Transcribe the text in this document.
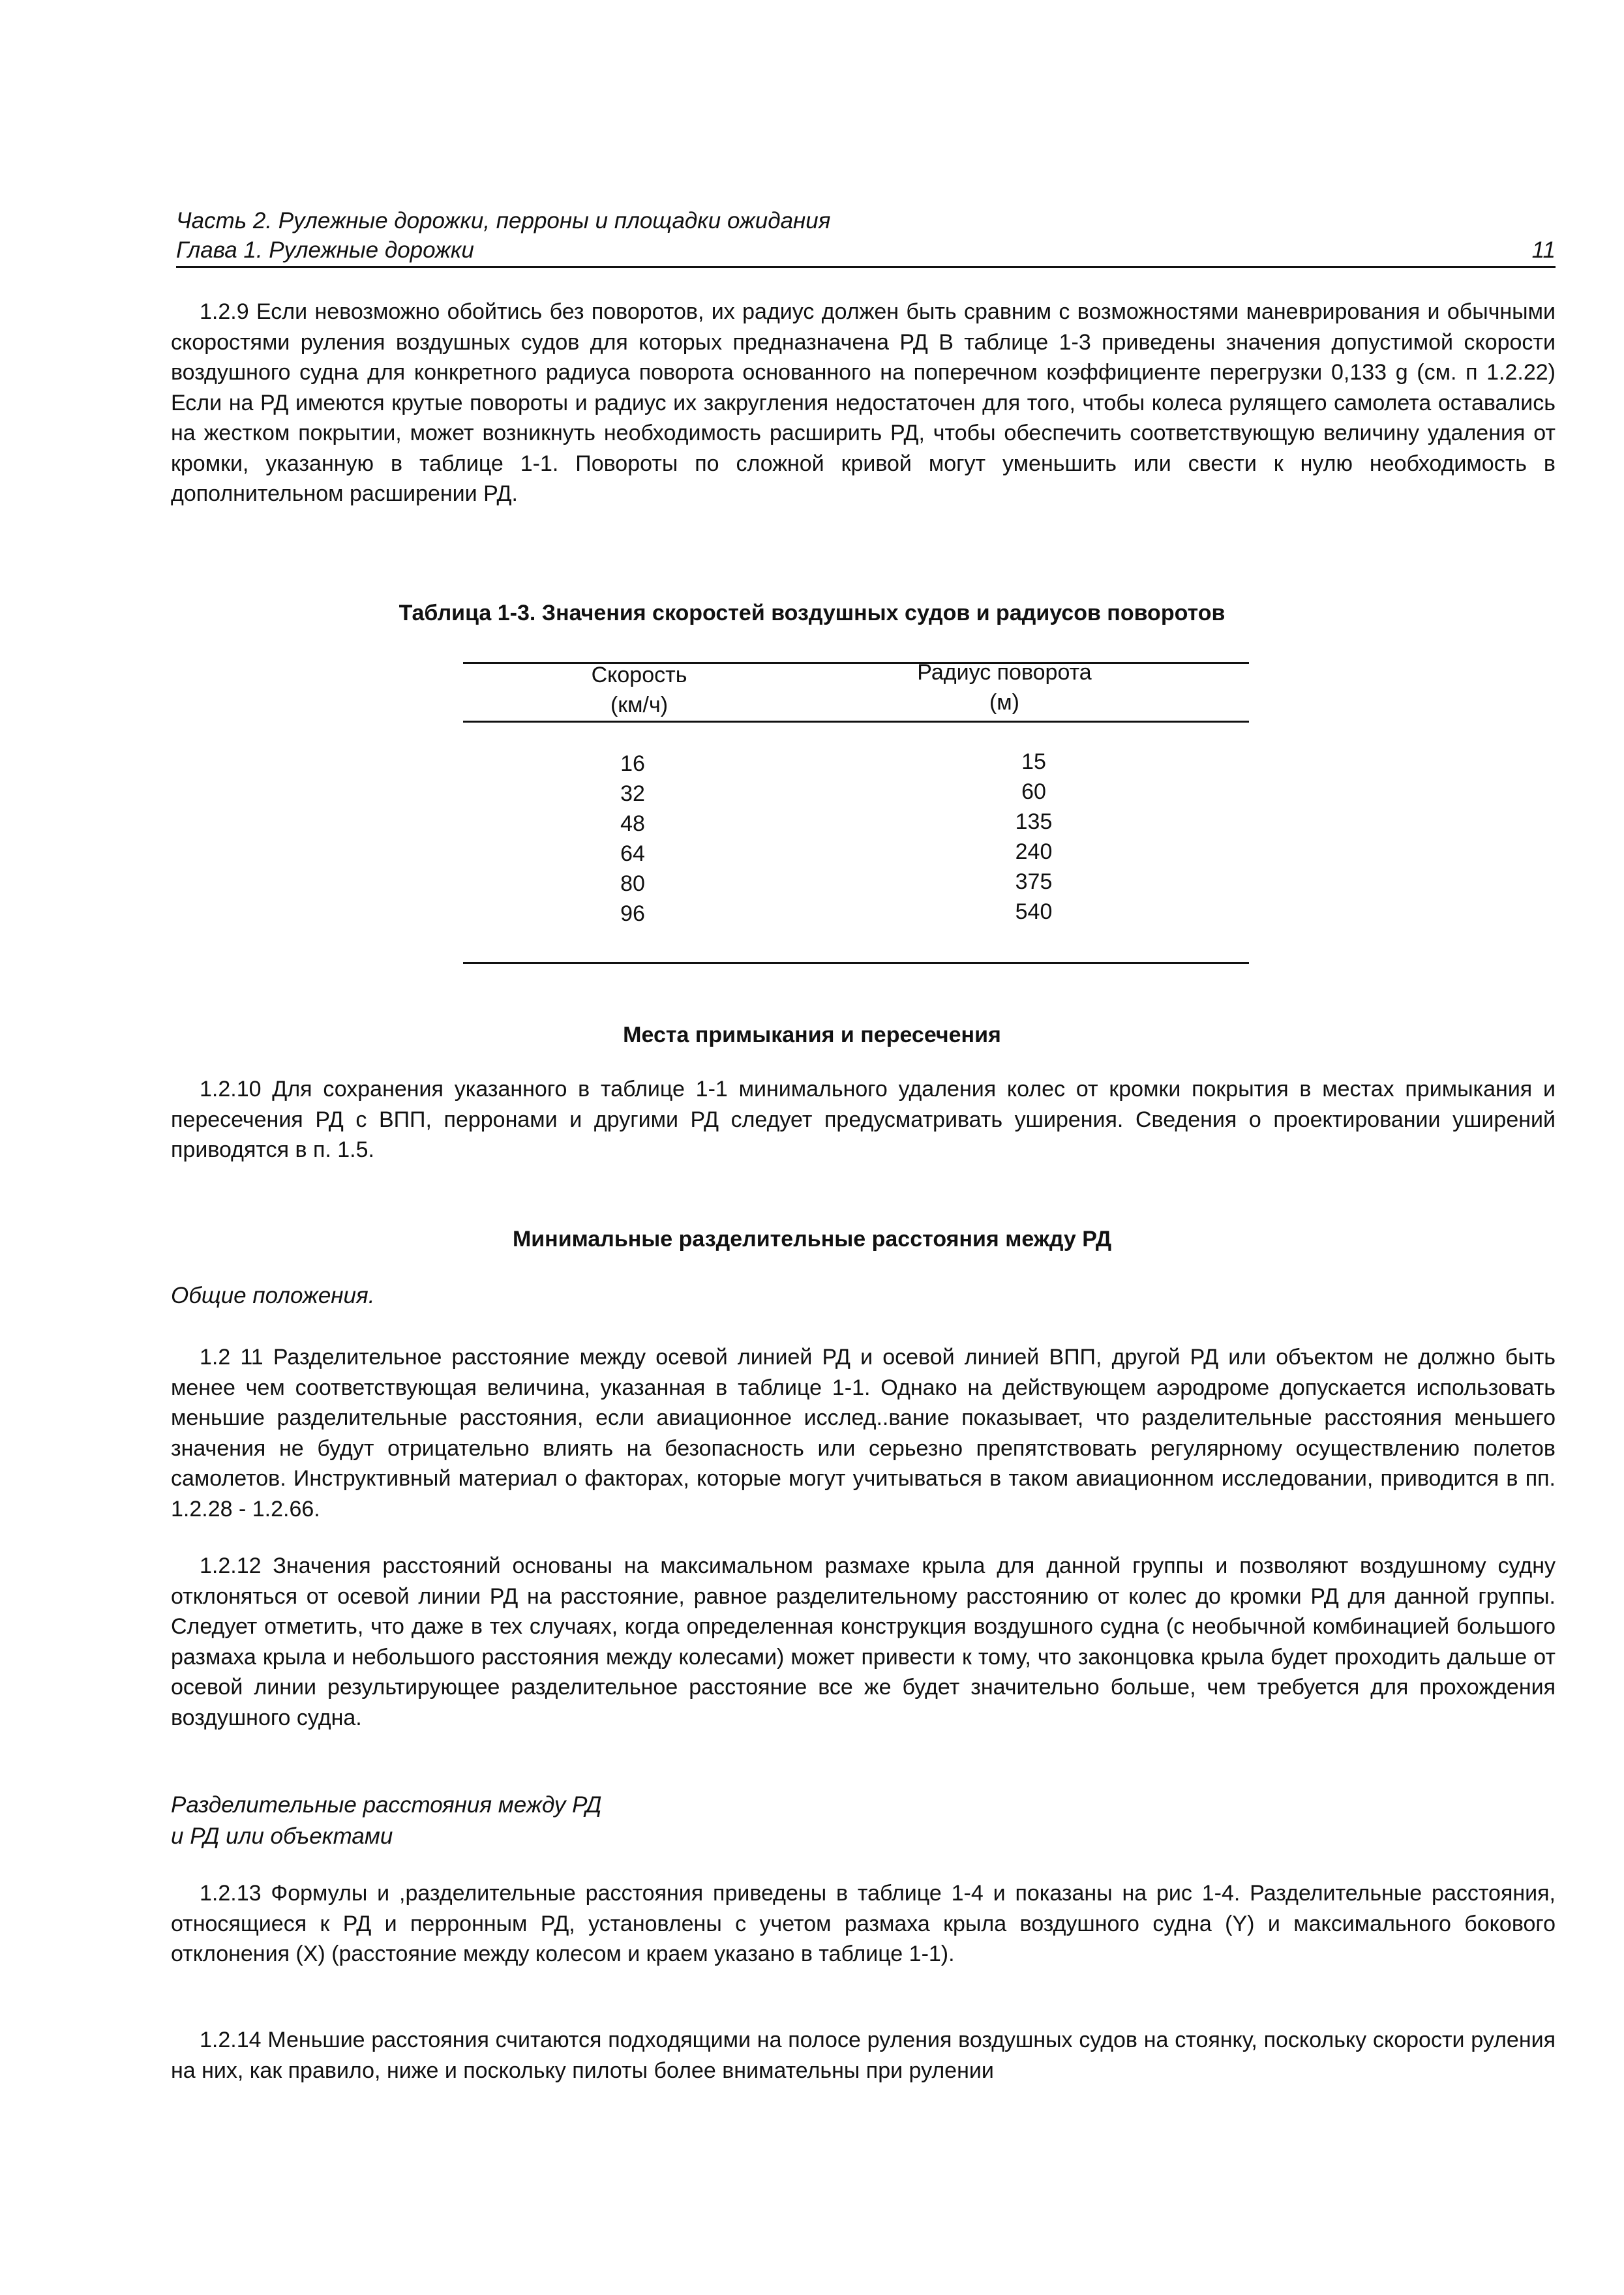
Часть 2. Рулежные дорожки, перроны и площадки ожидания
Глава 1. Рулежные дорожки	11

1.2.9 Если невозможно обойтись без поворотов, их радиус должен быть сравним с возможностями маневрирования и обычными скоростями руления воздушных судов для которых предназначена РД В таблице 1-3 приведены значения допустимой скорости воздушного судна для конкретного радиуса поворота основанного на поперечном коэффициенте перегрузки 0,133 g (см. п 1.2.22) Если на РД имеются крутые повороты и радиус их закругления недостаточен для того, чтобы колеса рулящего самолета оставались на жестком покрытии, может возникнуть необходимость расширить РД, чтобы обеспечить соответствующую величину удаления от кромки, указанную в таблице 1-1. Повороты по сложной кривой могут уменьшить или свести к нулю необходимость в дополнительном расширении РД.

Таблица 1-3. Значения скоростей воздушных судов и радиусов поворотов
Скорость
(км/ч)
Радиус поворота
(м)
16	15
32	60
48	135
64	240
80	375
96	540
Места примыкания и пересечения

1.2.10 Для сохранения указанного в таблице 1-1 минимального удаления колес от кромки покрытия в местах примыкания и пересечения РД с ВПП, перронами и другими РД следует предусматривать уширения. Сведения о проектировании уширений приводятся в п. 1.5.

Минимальные разделительные расстояния между РД
Общие положения.

1.2 11 Разделительное расстояние между осевой линией РД и осевой линией ВПП, другой РД или объектом не должно быть менее чем соответствующая величина, указанная в таблице 1-1. Однако на действующем аэродроме допускается использовать меньшие разделительные расстояния, если авиационное исслед..вание показывает, что разделительные расстояния меньшего значения не будут отрицательно влиять на безопасность или серьезно препятствовать регулярному осуществлению полетов самолетов. Инструктивный материал о факторах, которые могут учитываться в таком авиационном исследовании, приводится в пп. 1.2.28 - 1.2.66.

1.2.12 Значения расстояний основаны на максимальном размахе крыла для данной группы и позволяют воздушному судну отклоняться от осевой линии РД на расстояние, равное разделительному расстоянию от колес до кромки РД для данной группы. Следует отметить, что даже в тех случаях, когда определенная конструкция воздушного судна (с необычной комбинацией большого размаха крыла и небольшого расстояния между колесами) может привести к тому, что законцовка крыла будет проходить дальше от осевой линии результирующее разделительное расстояние все же будет значительно больше, чем требуется для прохождения воздушного судна.

Разделительные расстояния между РД
и РД или объектами

1.2.13 Формулы и ,разделительные расстояния приведены в таблице 1-4 и показаны на рис 1-4. Разделительные расстояния, относящиеся к РД и перронным РД, установлены с учетом размаха крыла воздушного судна (Y) и максимального бокового отклонения (X) (расстояние между колесом и краем указано в таблице 1-1).

1.2.14 Меньшие расстояния считаются подходящими на полосе руления воздушных судов на стоянку, поскольку скорости руления на них, как правило, ниже и поскольку пилоты более внимательны при рулении
